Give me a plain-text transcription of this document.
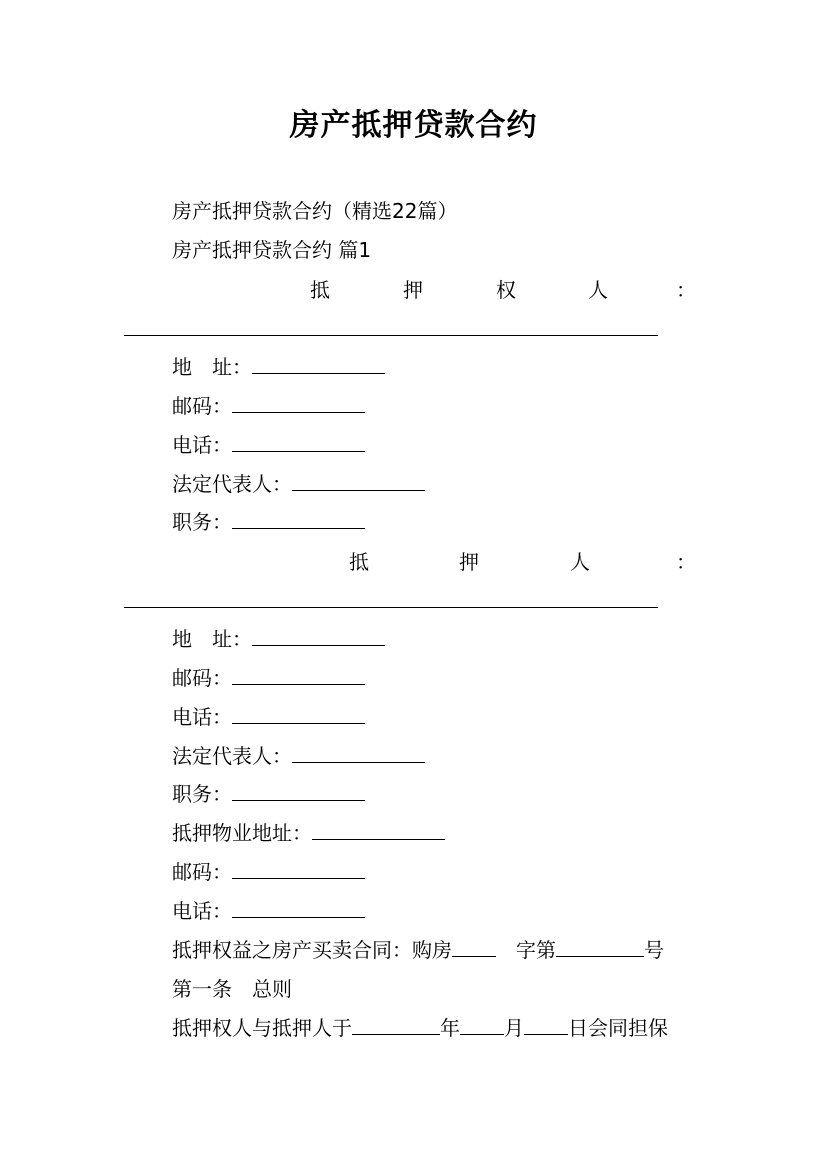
房产抵押贷款合约
房产抵押贷款合约（精选22篇）
房产抵押贷款合约 篇1
抵	押	权	人	：
地　址：
邮码：
电话：
法定代表人：
职务：
抵	押	人	：
地　址：
邮码：
电话：
法定代表人：
职务：
抵押物业地址：
邮码：
电话：
抵押权益之房产买卖合同：购房　字第	号
第一条　总则
抵押权人与抵押人于	年 月 日会同担保
